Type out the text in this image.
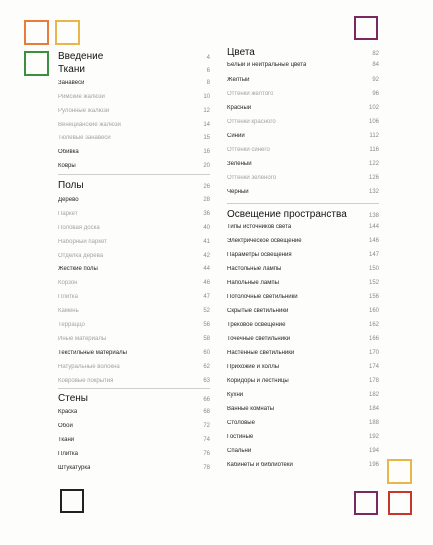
Введение	4
Ткани	6
Занавеси	8
Римские жалюзи	10
Рулонные жалюзи	12
Венецианские жалюзи	14
Тюлевые занавеси	15
Обивка	16
Ковры	20
Полы	26
Дерево	28
Паркет	36
Половая доска	40
Наборный паркет	41
Отделка дерева	42
Жесткие полы	44
Корзон	46
Плитка	47
Камень	52
Терраццо	56
Иные материалы	58
Текстильные материалы	60
Натуральные волокна	62
Ковровые покрытия	63
Стены	66
Краска	68
Обои	72
Ткани	74
Плитка	76
Штукатурка	78
Цвета	82
Белый и нейтральные цвета	84
Желтый	92
Оттенки желтого	96
Красный	102
Оттенки красного	106
Синий	112
Оттенки синего	116
Зеленый	122
Оттенки зеленого	126
Черный	132
Освещение пространства	138
Типы источников света	144
Электрическое освещение	146
Параметры освещения	147
Настольные лампы	150
Напольные лампы	152
Потолочные светильники	156
Скрытые светильники	160
Трековое освещение	162
Точечные светильники	166
Настенные светильники	170
Прихожие и холлы	174
Коридоры и лестницы	178
Кухни	182
Ванные комнаты	184
Столовые	188
Гостиные	192
Спальни	194
Кабинеты и библиотеки	196
